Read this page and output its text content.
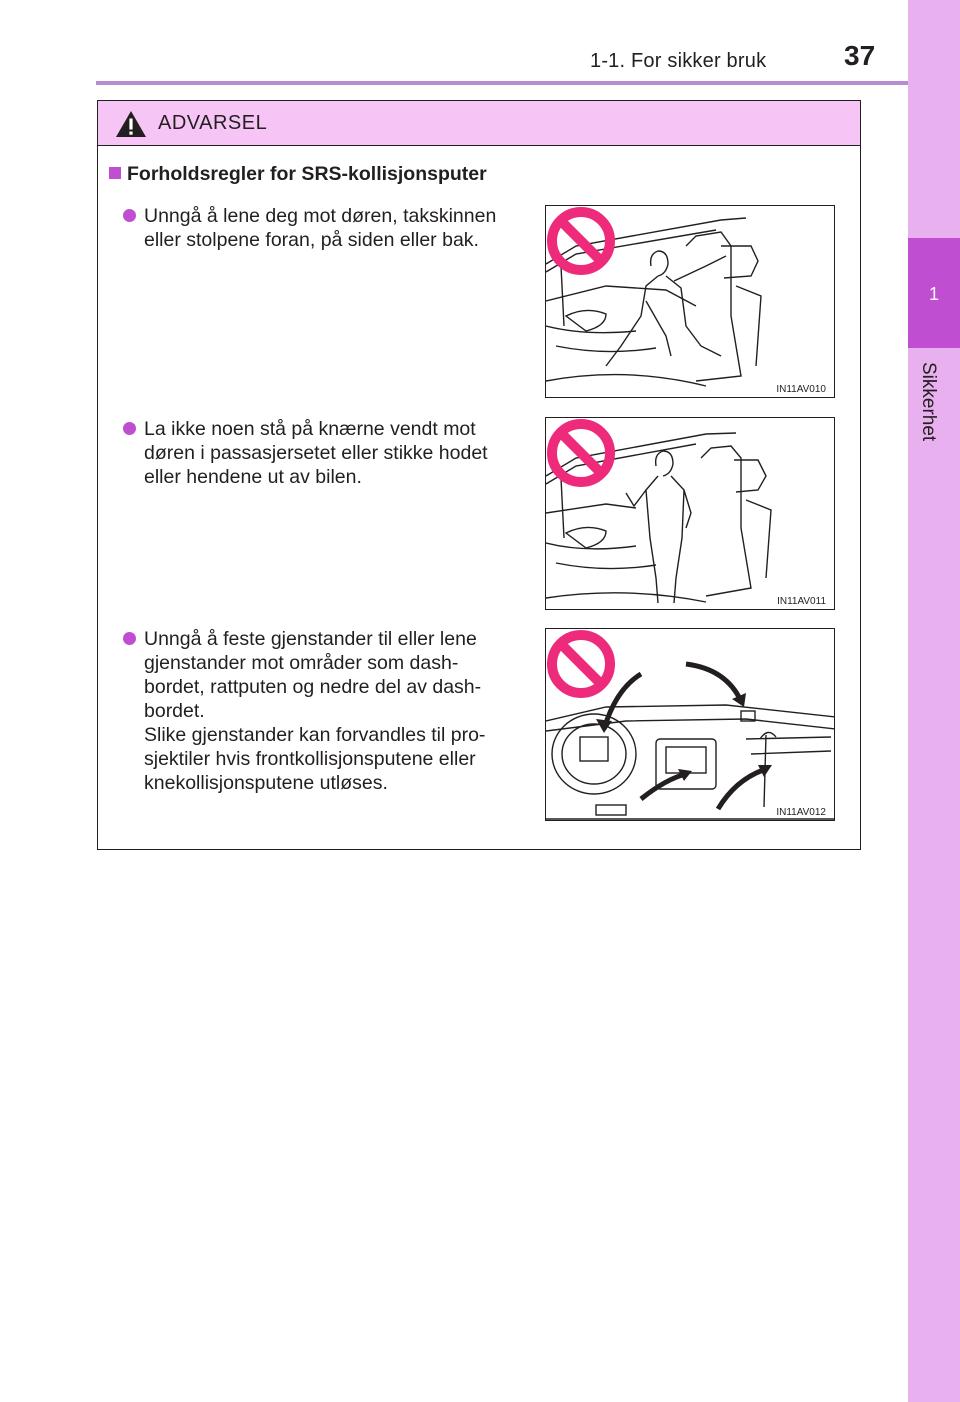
1-1. For sikker bruk	37
1
Sikkerhet
ADVARSEL
Forholdsregler for SRS-kollisjonsputer
Unngå å lene deg mot døren, takskinnen
eller stolpene foran, på siden eller bak.
IN11AV010
La ikke noen stå på knærne vendt mot
døren i passasjersetet eller stikke hodet
eller hendene ut av bilen.
IN11AV011
Unngå å feste gjenstander til eller lene
gjenstander mot områder som dash-
bordet, rattputen og nedre del av dash-
bordet.
Slike gjenstander kan forvandles til pro-
sjektiler hvis frontkollisjonsputene eller
knekollisjonsputene utløses.
IN11AV012
